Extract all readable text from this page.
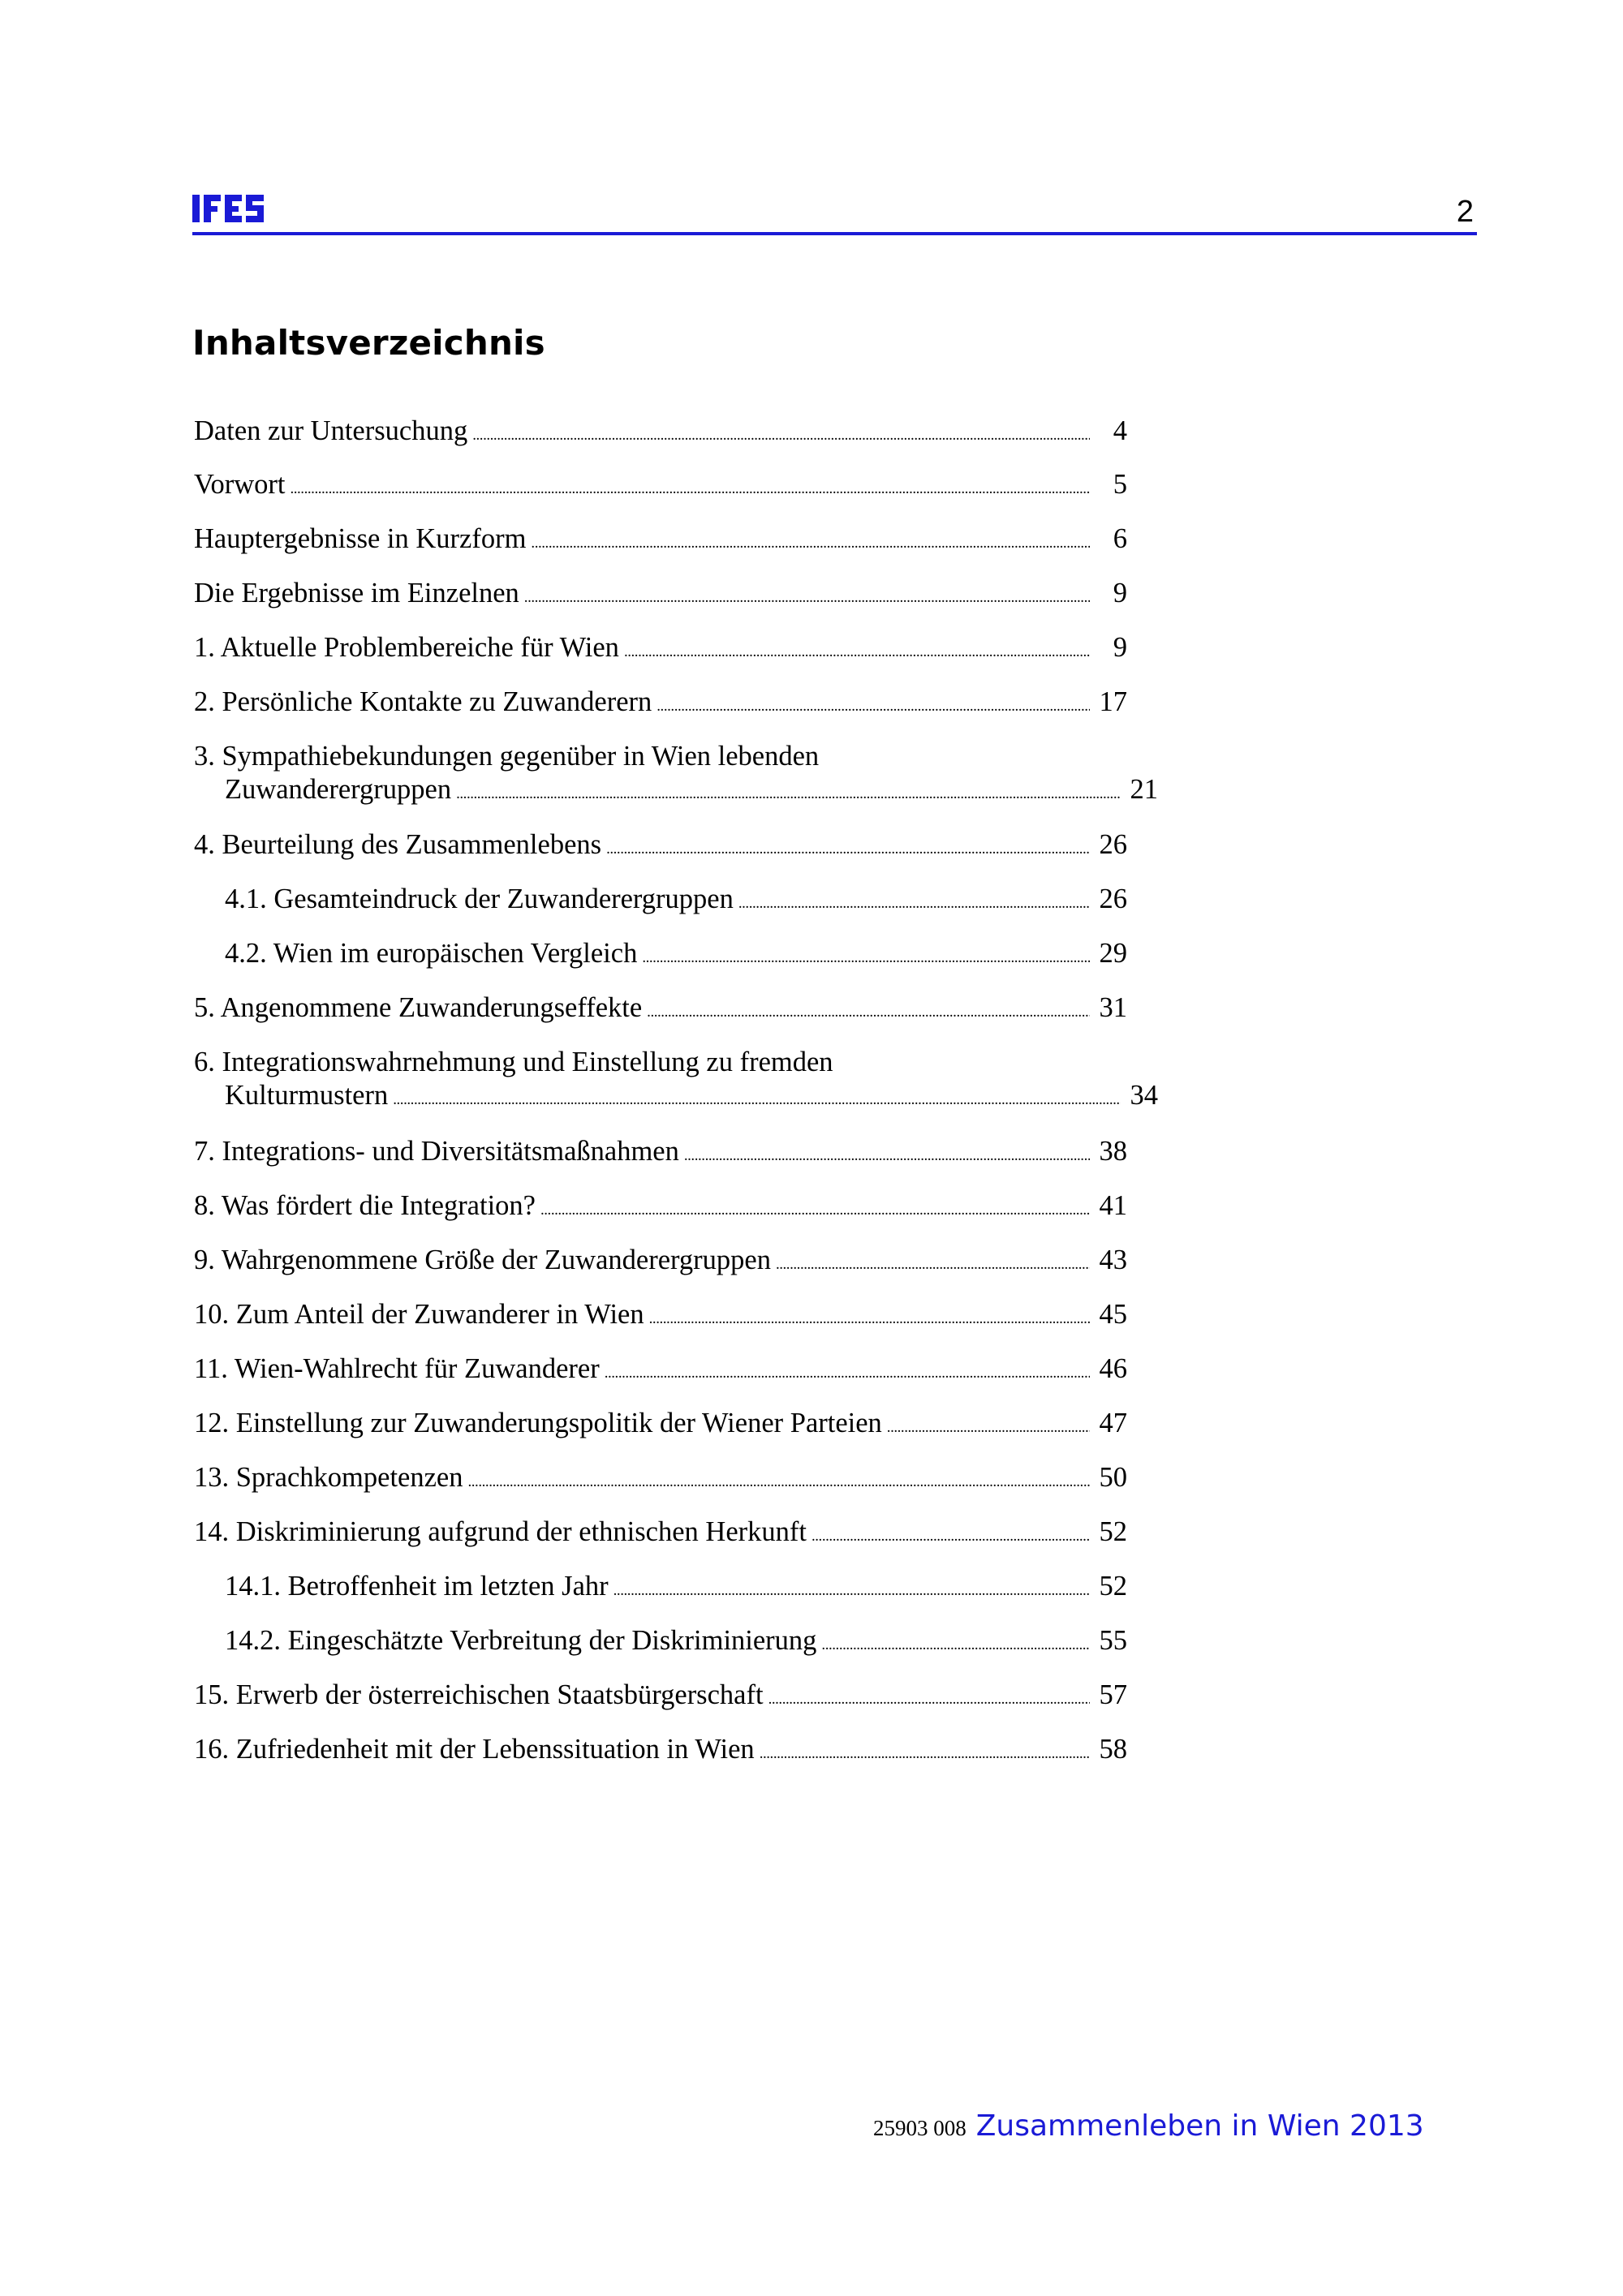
2
Inhaltsverzeichnis
Daten zur Untersuchung . . .	4
Vorwort . . .	5
Hauptergebnisse in Kurzform . . .	6
Die Ergebnisse im Einzelnen . . .	9
1. Aktuelle Problembereiche für Wien . . .	9
2. Persönliche Kontakte zu Zuwanderern . . .	17
3. Sympathiebekundungen gegenüber in Wien lebenden
Zuwanderergruppen . . .	21
4. Beurteilung des Zusammenlebens . . .	26
4.1. Gesamteindruck der Zuwanderergruppen . . .	26
4.2. Wien im europäischen Vergleich . . .	29
5. Angenommene Zuwanderungseffekte . . .	31
6. Integrationswahrnehmung und Einstellung zu fremden
Kulturmustern . . .	34
7. Integrations- und Diversitätsmaßnahmen . . .	38
8. Was fördert die Integration? . . .	41
9. Wahrgenommene Größe der Zuwanderergruppen . . .	43
10. Zum Anteil der Zuwanderer in Wien . . .	45
11. Wien-Wahlrecht für Zuwanderer . . .	46
12. Einstellung zur Zuwanderungspolitik der Wiener Parteien . . .	47
13. Sprachkompetenzen . . .	50
14. Diskriminierung aufgrund der ethnischen Herkunft . . .	52
14.1. Betroffenheit im letzten Jahr . . .	52
14.2. Eingeschätzte Verbreitung der Diskriminierung . . .	55
15. Erwerb der österreichischen Staatsbürgerschaft . . .	57
16. Zufriedenheit mit der Lebenssituation in Wien . . .	58
25903 008 Zusammenleben in Wien 2013
